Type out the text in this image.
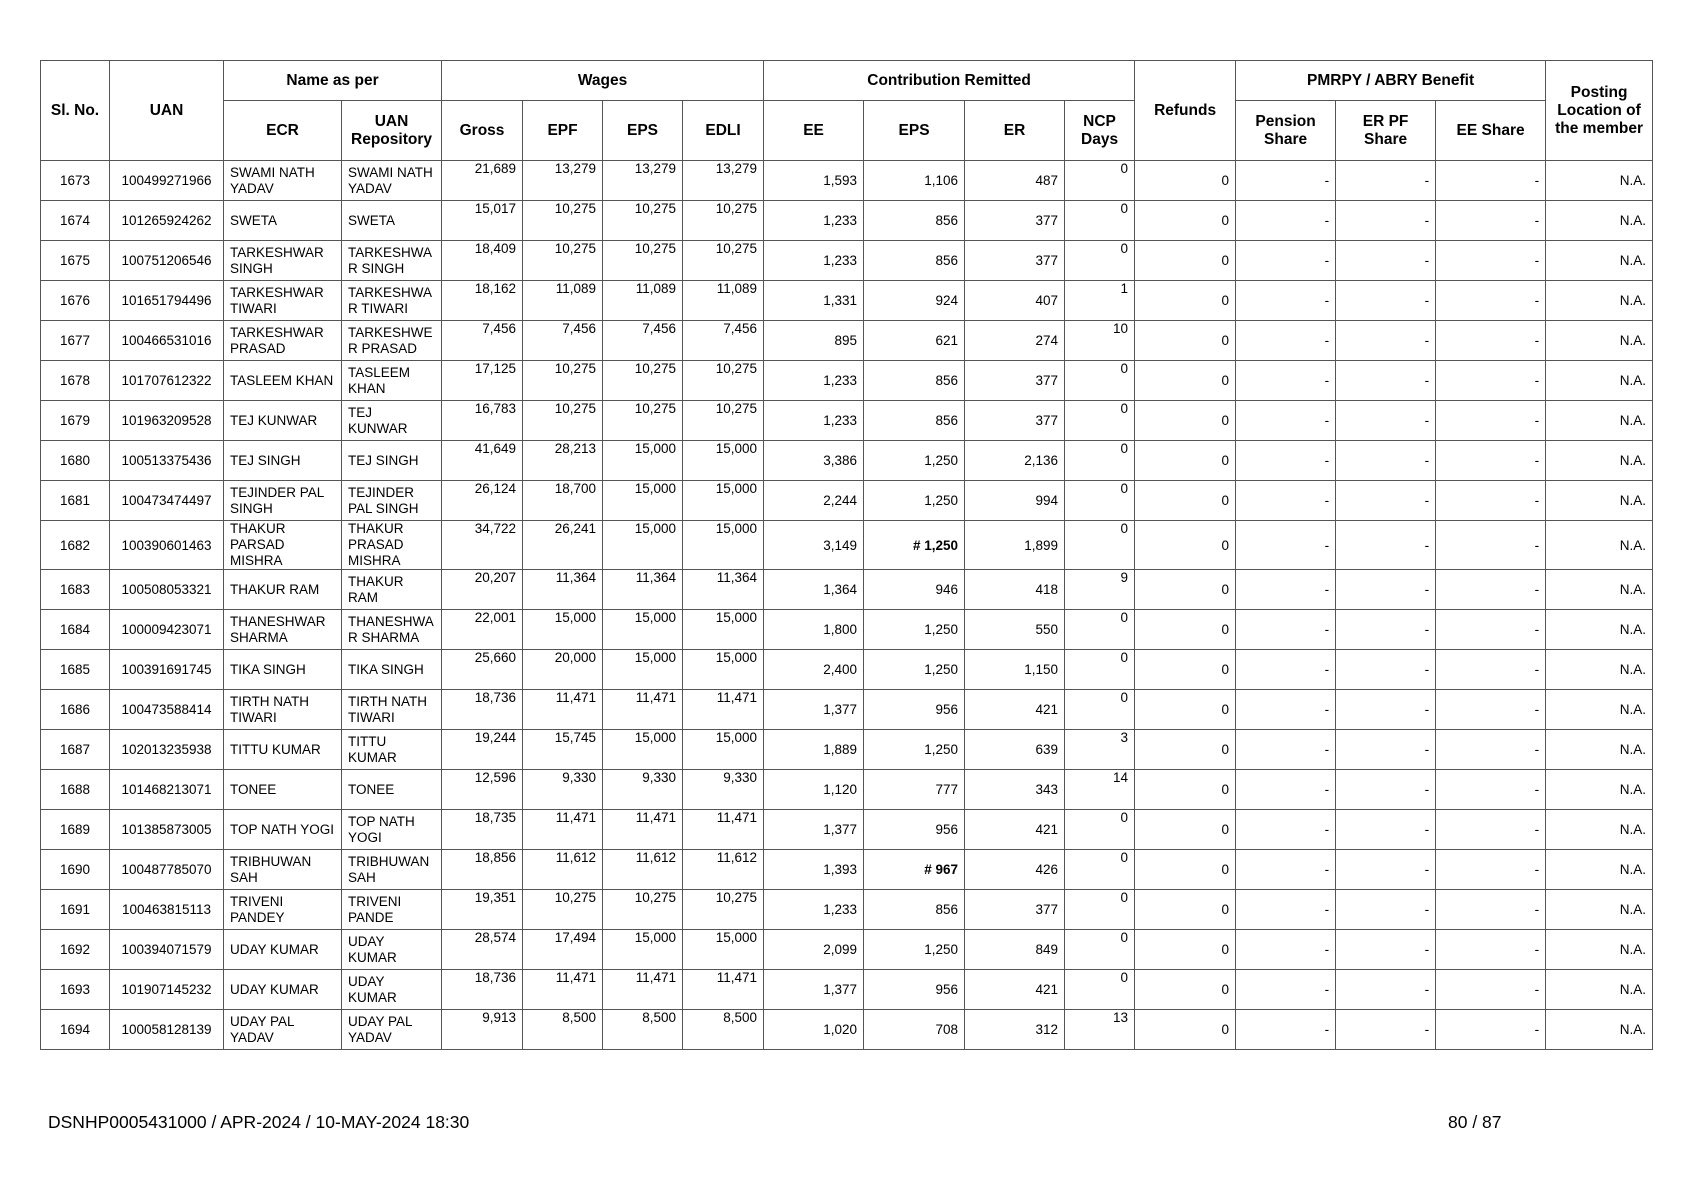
Sl. No.	UAN	Name as per		Wages				Contribution Remitted				Refunds	PMRPY / ABRY Benefit			Posting Location of the member
		ECR	UAN Repository	Gross	EPF	EPS	EDLI	EE	EPS	ER	NCP Days		Pension Share	ER PF Share	EE Share	
1673	100499271966	SWAMI NATH YADAV	SWAMI NATH YADAV	21,689	13,279	13,279	13,279	1,593	1,106	487	0	0	-	-	-	N.A.
1674	101265924262	SWETA	SWETA	15,017	10,275	10,275	10,275	1,233	856	377	0	0	-	-	-	N.A.
1675	100751206546	TARKESHWAR SINGH	TARKESHWA R SINGH	18,409	10,275	10,275	10,275	1,233	856	377	0	0	-	-	-	N.A.
1676	101651794496	TARKESHWAR TIWARI	TARKESHWA R TIWARI	18,162	11,089	11,089	11,089	1,331	924	407	1	0	-	-	-	N.A.
1677	100466531016	TARKESHWAR PRASAD	TARKESHWE R PRASAD	7,456	7,456	7,456	7,456	895	621	274	10	0	-	-	-	N.A.
1678	101707612322	TASLEEM KHAN	TASLEEM KHAN	17,125	10,275	10,275	10,275	1,233	856	377	0	0	-	-	-	N.A.
1679	101963209528	TEJ KUNWAR	TEJ KUNWAR	16,783	10,275	10,275	10,275	1,233	856	377	0	0	-	-	-	N.A.
1680	100513375436	TEJ SINGH	TEJ SINGH	41,649	28,213	15,000	15,000	3,386	1,250	2,136	0	0	-	-	-	N.A.
1681	100473474497	TEJINDER PAL SINGH	TEJINDER PAL SINGH	26,124	18,700	15,000	15,000	2,244	1,250	994	0	0	-	-	-	N.A.
1682	100390601463	THAKUR PARSAD MISHRA	THAKUR PRASAD MISHRA	34,722	26,241	15,000	15,000	3,149	# 1,250	1,899	0	0	-	-	-	N.A.
1683	100508053321	THAKUR RAM	THAKUR RAM	20,207	11,364	11,364	11,364	1,364	946	418	9	0	-	-	-	N.A.
1684	100009423071	THANESHWAR SHARMA	THANESHWA R SHARMA	22,001	15,000	15,000	15,000	1,800	1,250	550	0	0	-	-	-	N.A.
1685	100391691745	TIKA SINGH	TIKA SINGH	25,660	20,000	15,000	15,000	2,400	1,250	1,150	0	0	-	-	-	N.A.
1686	100473588414	TIRTH NATH TIWARI	TIRTH NATH TIWARI	18,736	11,471	11,471	11,471	1,377	956	421	0	0	-	-	-	N.A.
1687	102013235938	TITTU KUMAR	TITTU KUMAR	19,244	15,745	15,000	15,000	1,889	1,250	639	3	0	-	-	-	N.A.
1688	101468213071	TONEE	TONEE	12,596	9,330	9,330	9,330	1,120	777	343	14	0	-	-	-	N.A.
1689	101385873005	TOP NATH YOGI	TOP NATH YOGI	18,735	11,471	11,471	11,471	1,377	956	421	0	0	-	-	-	N.A.
1690	100487785070	TRIBHUWAN SAH	TRIBHUWAN SAH	18,856	11,612	11,612	11,612	1,393	# 967	426	0	0	-	-	-	N.A.
1691	100463815113	TRIVENI PANDEY	TRIVENI PANDE	19,351	10,275	10,275	10,275	1,233	856	377	0	0	-	-	-	N.A.
1692	100394071579	UDAY KUMAR	UDAY KUMAR	28,574	17,494	15,000	15,000	2,099	1,250	849	0	0	-	-	-	N.A.
1693	101907145232	UDAY KUMAR	UDAY KUMAR	18,736	11,471	11,471	11,471	1,377	956	421	0	0	-	-	-	N.A.
1694	100058128139	UDAY PAL YADAV	UDAY PAL YADAV	9,913	8,500	8,500	8,500	1,020	708	312	13	0	-	-	-	N.A.
DSNHP0005431000 / APR-2024 / 10-MAY-2024 18:30	80 / 87
